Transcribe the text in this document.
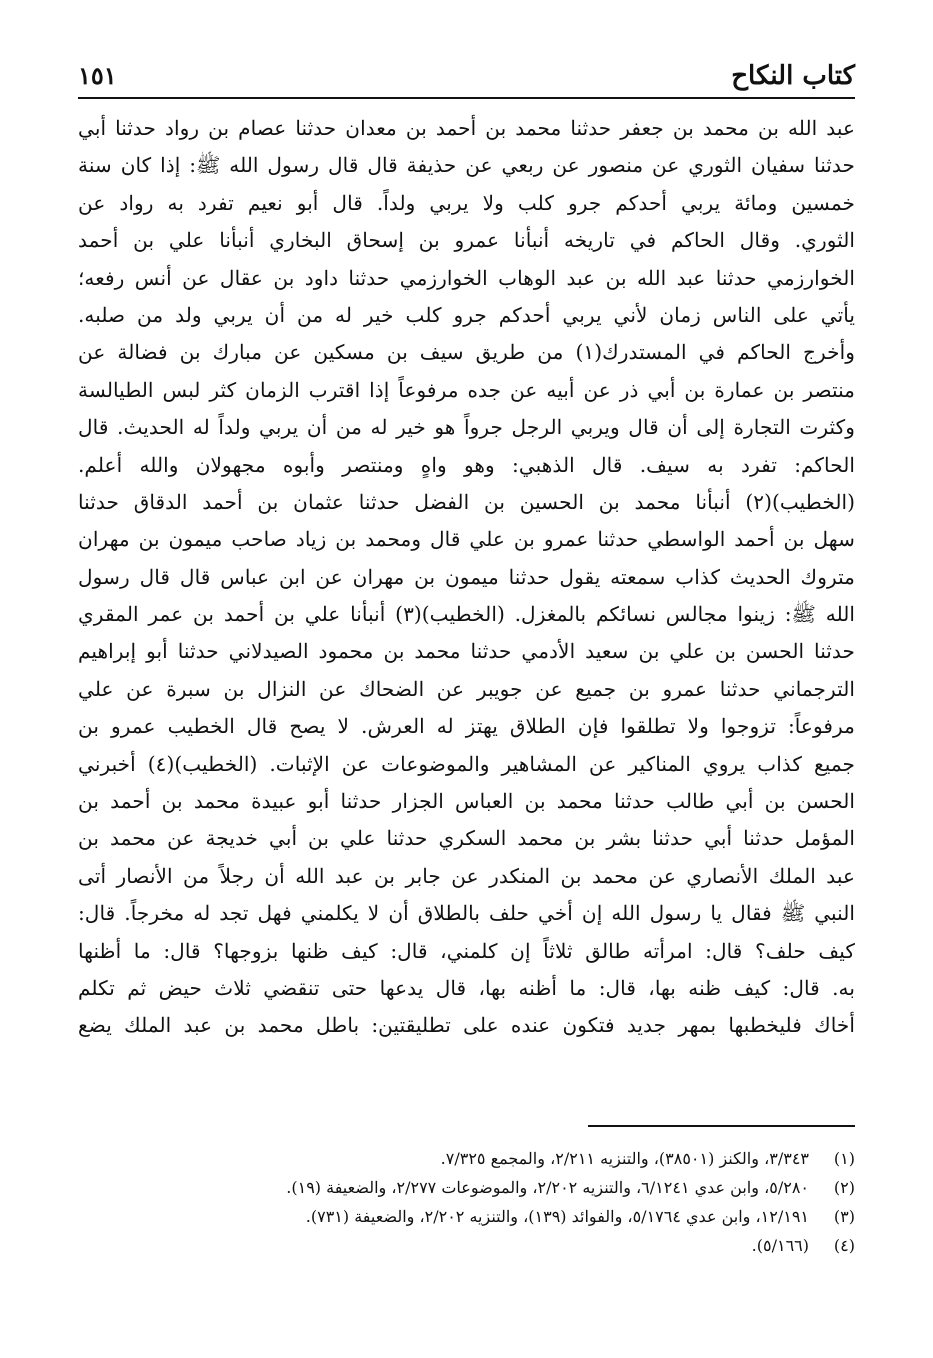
كتاب النكاح
١٥١
عبد الله بن محمد بن جعفر حدثنا محمد بن أحمد بن معدان حدثنا عصام بن رواد حدثنا أبي
حدثنا سفيان الثوري عن منصور عن ربعي عن حذيفة قال قال رسول الله ﷺ: إذا كان سنة
خمسين ومائة يربي أحدكم جرو كلب ولا يربي ولداً. قال أبو نعيم تفرد به رواد عن
الثوري. وقال الحاكم في تاريخه أنبأنا عمرو بن إسحاق البخاري أنبأنا علي بن أحمد
الخوارزمي حدثنا عبد الله بن عبد الوهاب الخوارزمي حدثنا داود بن عقال عن أنس رفعه؛
يأتي على الناس زمان لأني يربي أحدكم جرو كلب خير له من أن يربي ولد من صلبه.
وأخرج الحاكم في المستدرك(١) من طريق سيف بن مسكين عن مبارك بن فضالة عن
منتصر بن عمارة بن أبي ذر عن أبيه عن جده مرفوعاً إذا اقترب الزمان كثر لبس الطيالسة
وكثرت التجارة إلى أن قال ويربي الرجل جرواً هو خير له من أن يربي ولداً له الحديث. قال
الحاكم: تفرد به سيف. قال الذهبي: وهو واهٍ ومنتصر وأبوه مجهولان والله أعلم.
(الخطيب)(٢) أنبأنا محمد بن الحسين بن الفضل حدثنا عثمان بن أحمد الدقاق حدثنا
سهل بن أحمد الواسطي حدثنا عمرو بن علي قال ومحمد بن زياد صاحب ميمون بن مهران
متروك الحديث كذاب سمعته يقول حدثنا ميمون بن مهران عن ابن عباس قال قال رسول
الله ﷺ: زينوا مجالس نسائكم بالمغزل. (الخطيب)(٣) أنبأنا علي بن أحمد بن عمر المقري
حدثنا الحسن بن علي بن سعيد الأدمي حدثنا محمد بن محمود الصيدلاني حدثنا أبو إبراهيم
الترجماني حدثنا عمرو بن جميع عن جويبر عن الضحاك عن النزال بن سبرة عن علي
مرفوعاً: تزوجوا ولا تطلقوا فإن الطلاق يهتز له العرش. لا يصح قال الخطيب عمرو بن
جميع كذاب يروي المناكير عن المشاهير والموضوعات عن الإثبات. (الخطيب)(٤) أخبرني
الحسن بن أبي طالب حدثنا محمد بن العباس الجزار حدثنا أبو عبيدة محمد بن أحمد بن
المؤمل حدثنا أبي حدثنا بشر بن محمد السكري حدثنا علي بن أبي خديجة عن محمد بن
عبد الملك الأنصاري عن محمد بن المنكدر عن جابر بن عبد الله أن رجلاً من الأنصار أتى
النبي ﷺ فقال يا رسول الله إن أخي حلف بالطلاق أن لا يكلمني فهل تجد له مخرجاً. قال:
كيف حلف؟ قال: امرأته طالق ثلاثاً إن كلمني، قال: كيف ظنها بزوجها؟ قال: ما أظنها
به. قال: كيف ظنه بها، قال: ما أظنه بها، قال يدعها حتى تنقضي ثلاث حيض ثم تكلم
أخاك فليخطبها بمهر جديد فتكون عنده على تطليقتين: باطل محمد بن عبد الملك يضع
(١)
٣/٣٤٣، والكنز (٣٨٥٠١)، والتنزيه ٢/٢١١، والمجمع ٧/٣٢٥.
(٢)
٥/٢٨٠، وابن عدي ٦/١٢٤١، والتنزيه ٢/٢٠٢، والموضوعات ٢/٢٧٧، والضعيفة (١٩).
(٣)
١٢/١٩١، وابن عدي ٥/١٧٦٤، والفوائد (١٣٩)، والتنزيه ٢/٢٠٢، والضعيفة (٧٣١).
(٤)
(٥/١٦٦).
